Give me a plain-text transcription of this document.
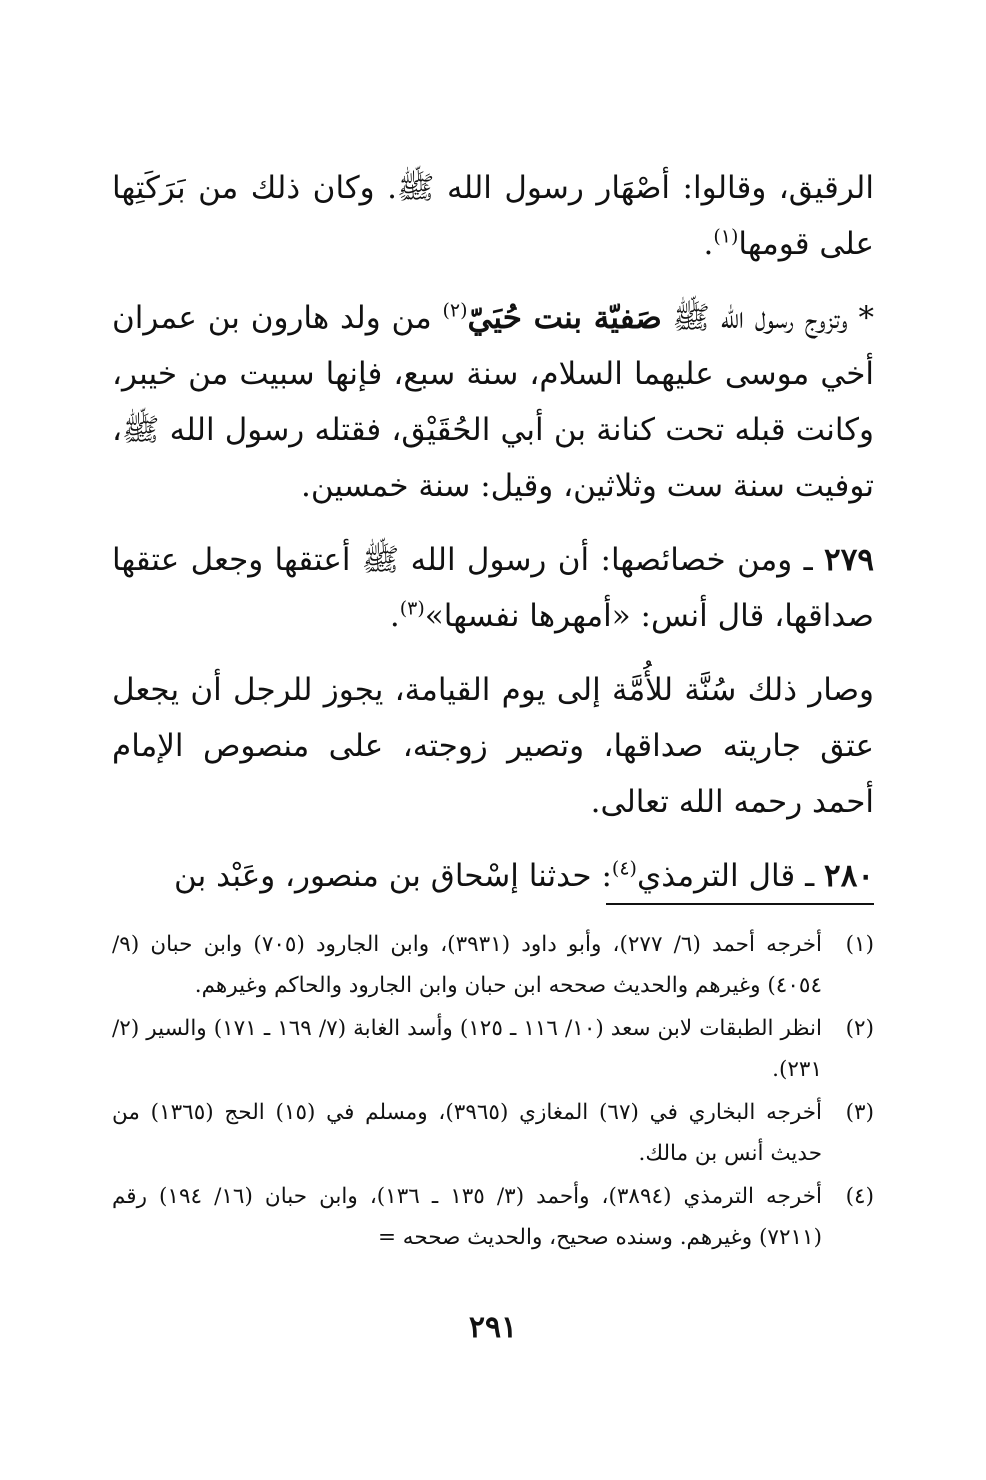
الرقيق، وقالوا: أصْهَار رسول الله ﷺ. وكان ذلك من بَرَكَتِها على قومها$^{(١)}$.

* وتزوج رسول الله ﷺ صَفيّة بنت حُيَيّ$^{(٢)}$ من ولد هارون بن عمران أخي موسى عليهما السلام، سنة سبع، فإنها سبيت من خيبر، وكانت قبله تحت كنانة بن أبي الحُقَيْق، فقتله رسول الله ﷺ، توفيت سنة ست وثلاثين، وقيل: سنة خمسين.

٢٧٩ ـ ومن خصائصها: أن رسول الله ﷺ أعتقها وجعل عتقها صداقها، قال أنس: «أمهرها نفسها»$^{(٣)}$.

وصار ذلك سُنَّة للأُمَّة إلى يوم القيامة، يجوز للرجل أن يجعل عتق جاريته صداقها، وتصير زوجته، على منصوص الإمام أحمد رحمه الله تعالى.

٢٨٠ ـ قال الترمذي$^{(٤)}$: حدثنا إسْحاق بن منصور، وعَبْد بن

(١)
أخرجه أحمد (٦/ ٢٧٧)، وأبو داود (٣٩٣١)، وابن الجارود (٧٠٥) وابن حبان (٩/ ٤٠٥٤) وغيرهم والحديث صححه ابن حبان وابن الجارود والحاكم وغيرهم.
(٢)
انظر الطبقات لابن سعد (١٠/ ١١٦ ـ ١٢٥) وأسد الغابة (٧/ ١٦٩ ـ ١٧١) والسير (٢/ ٢٣١).
(٣)
أخرجه البخاري في (٦٧) المغازي (٣٩٦٥)، ومسلم في (١٥) الحج (١٣٦٥) من حديث أنس بن مالك.
(٤)
أخرجه الترمذي (٣٨٩٤)، وأحمد (٣/ ١٣٥ ـ ١٣٦)، وابن حبان (١٦/ ١٩٤) رقم (٧٢١١) وغيرهم. وسنده صحيح، والحديث صححه =
٢٩١
